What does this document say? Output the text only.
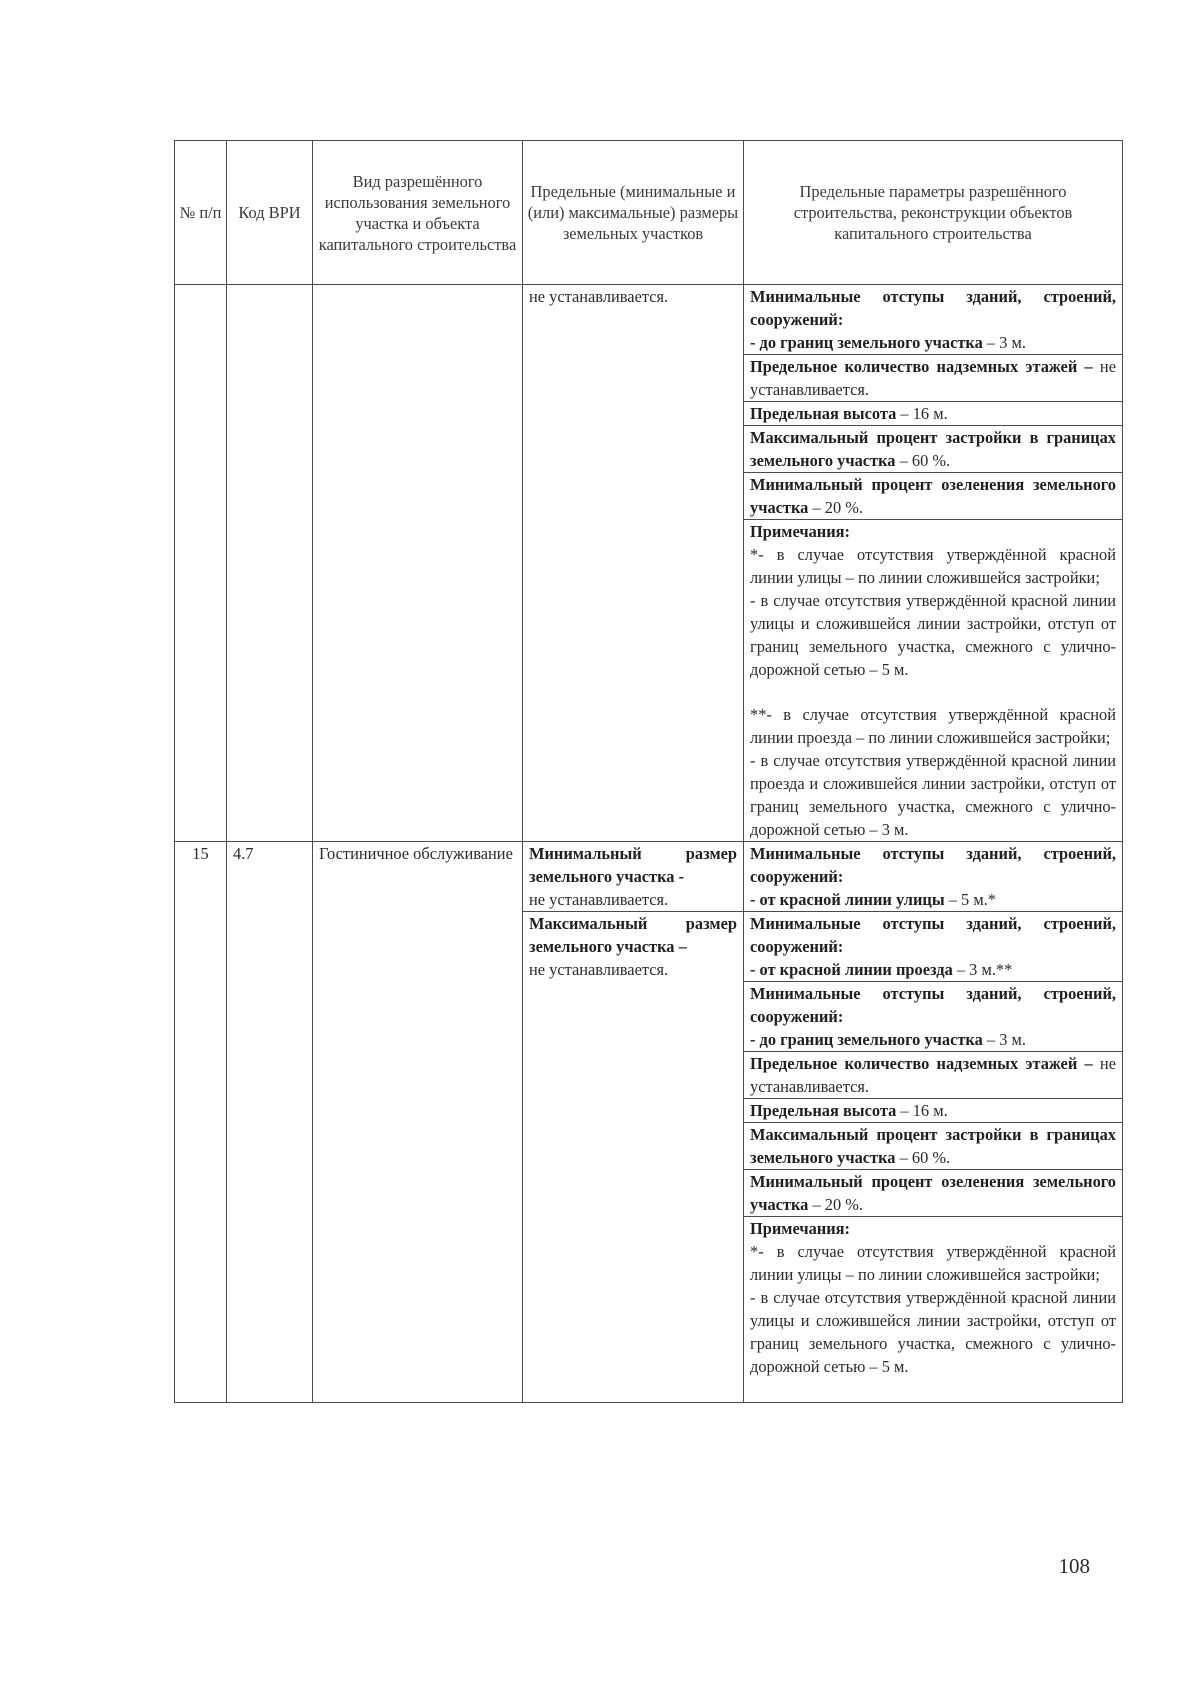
№ п/п	Код ВРИ	Вид разрешённого использования земельного участка и объекта капитального строительства	Предельные (минимальные и (или) максимальные) размеры земельных участков	Предельные параметры разрешённого строительства, реконструкции объектов капитального строительства
			не устанавливается.	Минимальные отступы зданий, строений, сооружений:
- до границ земельного участка – 3 м.
				Предельное количество надземных этажей – не устанавливается.
				Предельная высота – 16 м.
				Максимальный процент застройки в границах земельного участка – 60 %.
				Минимальный процент озеленения земельного участка – 20 %.

				Примечания:
*- в случае отсутствия утверждённой красной линии улицы – по линии сложившейся застройки;
- в случае отсутствия утверждённой красной линии улицы и сложившейся линии застройки, отступ от границ земельного участка, смежного с улично-дорожной сетью – 5 м.
**- в случае отсутствия утверждённой красной линии проезда – по линии сложившейся застройки;
- в случае отсутствия утверждённой красной линии проезда и сложившейся линии застройки, отступ от границ земельного участка, смежного с улично-дорожной сетью – 3 м.

15	4.7	Гостиничное обслуживание	Минимальный размер земельного участка -
не устанавливается.	Минимальные отступы зданий, строений, сооружений:
- от красной линии улицы – 5 м.*
			Максимальный размер земельного участка –
не устанавливается.	Минимальные отступы зданий, строений, сооружений:
- от красной линии проезда – 3 м.**
				Минимальные отступы зданий, строений, сооружений:
- до границ земельного участка – 3 м.
				Предельное количество надземных этажей – не устанавливается.
				Предельная высота – 16 м.
				Максимальный процент застройки в границах земельного участка – 60 %.
				Минимальный процент озеленения земельного участка – 20 %.

				Примечания:
*- в случае отсутствия утверждённой красной линии улицы – по линии сложившейся застройки;
- в случае отсутствия утверждённой красной линии улицы и сложившейся линии застройки, отступ от границ земельного участка, смежного с улично-дорожной сетью – 5 м.
108
